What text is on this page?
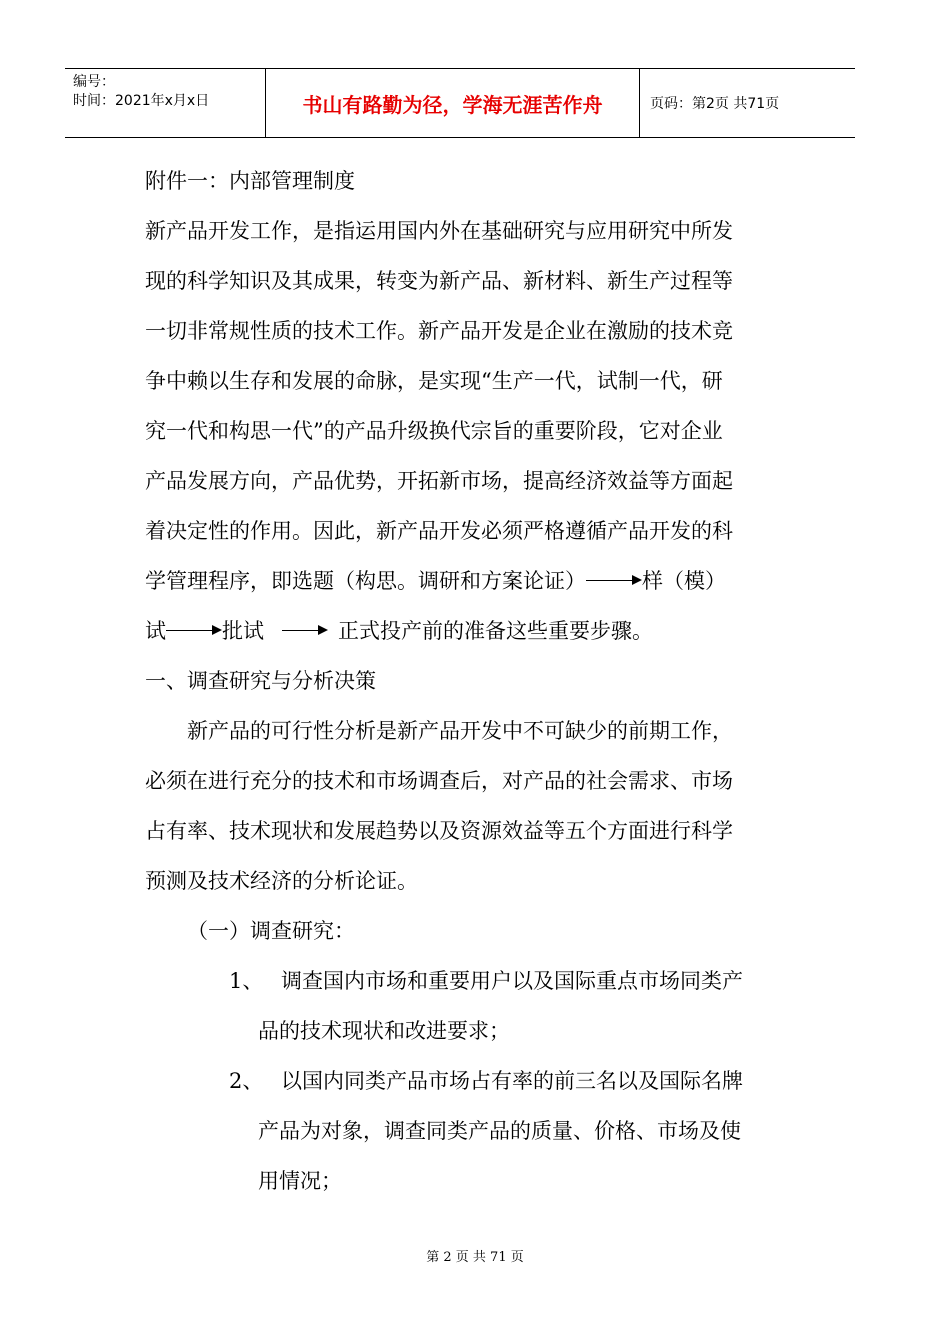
编号：
时间：2021年x月x日	书山有路勤为径，学海无涯苦作舟	页码：第2页 共71页
附件一：内部管理制度
新产品开发工作，是指运用国内外在基础研究与应用研究中所发
现的科学知识及其成果，转变为新产品、新材料、新生产过程等
一切非常规性质的技术工作。新产品开发是企业在激励的技术竞
争中赖以生存和发展的命脉，是实现“生产一代，试制一代，研
究一代和构思一代”的产品升级换代宗旨的重要阶段，它对企业
产品发展方向，产品优势，开拓新市场，提高经济效益等方面起
着决定性的作用。因此，新产品开发必须严格遵循产品开发的科
学管理程序，即选题（构思。调研和方案论证）	样（模）
试	批试	正式投产前的准备这些重要步骤。
一、调查研究与分析决策
新产品的可行性分析是新产品开发中不可缺少的前期工作，
必须在进行充分的技术和市场调查后，对产品的社会需求、市场
占有率、技术现状和发展趋势以及资源效益等五个方面进行科学
预测及技术经济的分析论证。
（一）调查研究：
1、 调查国内市场和重要用户以及国际重点市场同类产
品的技术现状和改进要求；
2、 以国内同类产品市场占有率的前三名以及国际名牌
产品为对象，调查同类产品的质量、价格、市场及使
用情况；
第 2 页 共 71 页
